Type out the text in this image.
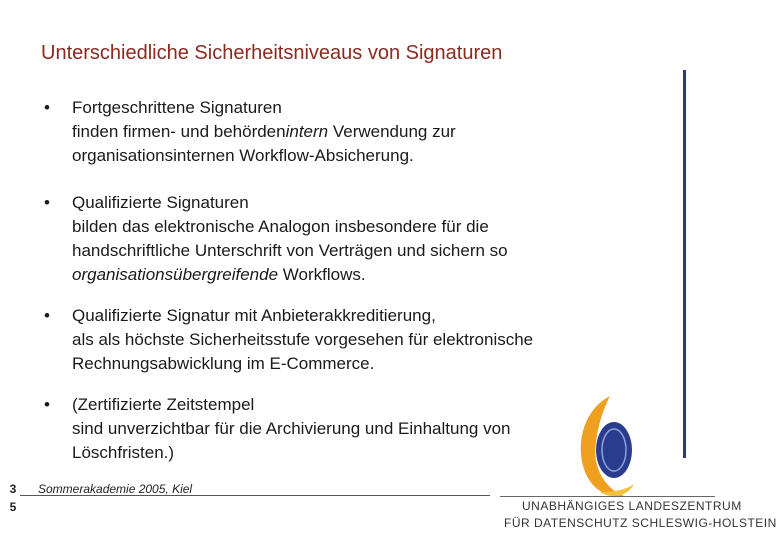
Unterschiedliche Sicherheitsniveaus von Signaturen
•	Fortgeschrittene Signaturen
finden firmen- und behördenintern Verwendung zur
organisationsinternen Workflow-Absicherung.
•	Qualifizierte Signaturen
bilden das elektronische Analogon insbesondere für die
handschriftliche Unterschrift von Verträgen und sichern so
organisationsübergreifende Workflows.
•	Qualifizierte Signatur mit Anbieterakkreditierung,
als als höchste Sicherheitsstufe vorgesehen für elektronische
Rechnungsabwicklung im E-Commerce.
•	(Zertifizierte Zeitstempel
sind unverzichtbar für die Archivierung und Einhaltung von
Löschfristen.)
3 5
Sommerakademie 2005, Kiel
UNABHÄNGIGES LANDESZENTRUM
FÜR DATENSCHUTZ SCHLESWIG-HOLSTEIN
